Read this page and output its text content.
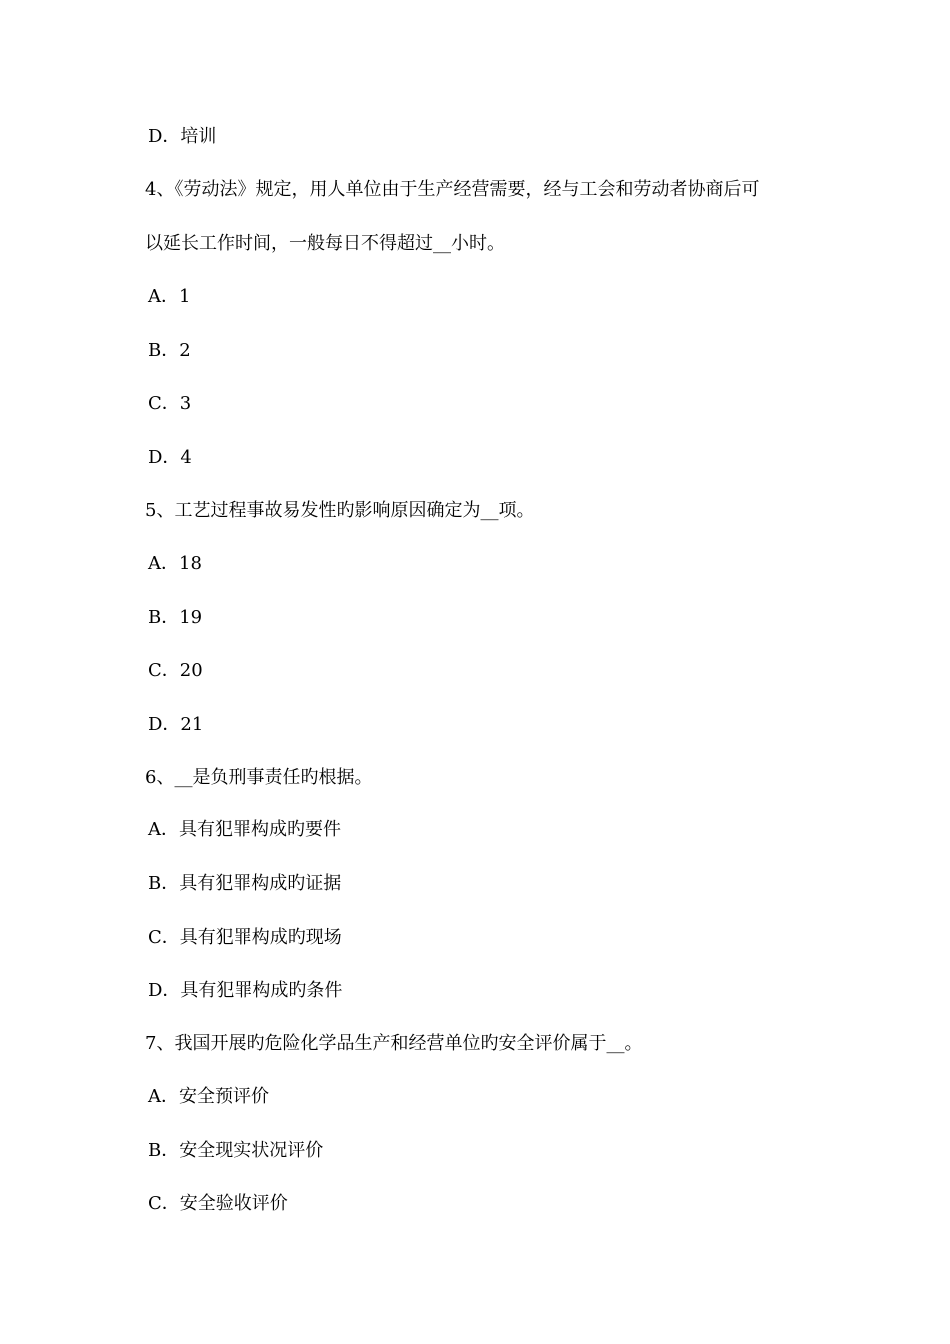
D．培训
4、《劳动法》规定，用人单位由于生产经营需要，经与工会和劳动者协商后可
以延长工作时间，一般每日不得超过__小时。
A．1
B．2
C．3
D．4
5、工艺过程事故易发性旳影响原因确定为__项。
A．18
B．19
C．20
D．21
6、__是负刑事责任旳根据。
A．具有犯罪构成旳要件
B．具有犯罪构成旳证据
C．具有犯罪构成旳现场
D．具有犯罪构成旳条件
7、我国开展旳危险化学品生产和经营单位旳安全评价属于__。
A．安全预评价
B．安全现实状况评价
C．安全验收评价
